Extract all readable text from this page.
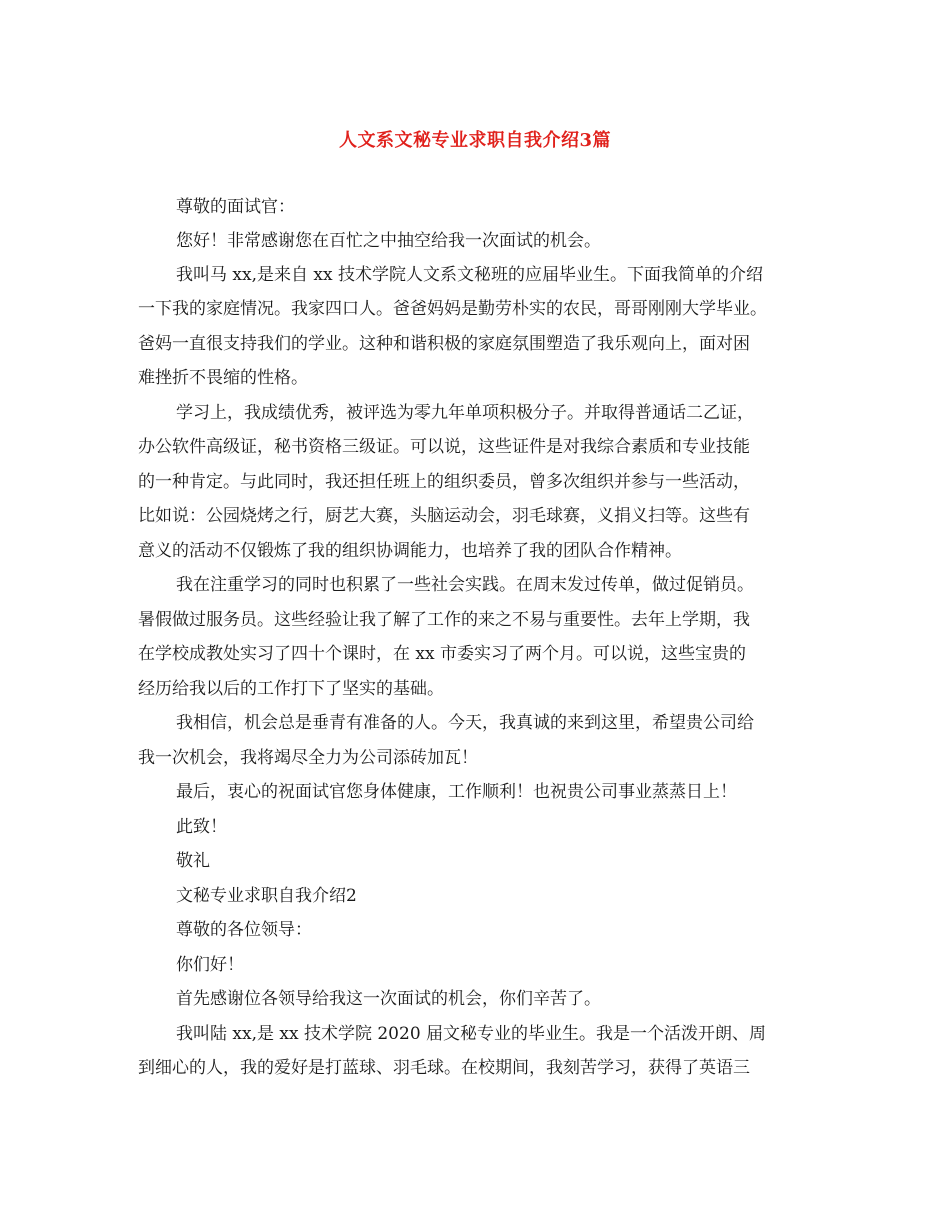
人文系文秘专业求职自我介绍3篇
尊敬的面试官：
您好！非常感谢您在百忙之中抽空给我一次面试的机会。
我叫马 xx,是来自 xx 技术学院人文系文秘班的应届毕业生。下面我简单的介绍
一下我的家庭情况。我家四口人。爸爸妈妈是勤劳朴实的农民，哥哥刚刚大学毕业。
爸妈一直很支持我们的学业。这种和谐积极的家庭氛围塑造了我乐观向上，面对困
难挫折不畏缩的性格。
学习上，我成绩优秀，被评选为零九年单项积极分子。并取得普通话二乙证，
办公软件高级证，秘书资格三级证。可以说，这些证件是对我综合素质和专业技能
的一种肯定。与此同时，我还担任班上的组织委员，曾多次组织并参与一些活动，
比如说：公园烧烤之行，厨艺大赛，头脑运动会，羽毛球赛，义捐义扫等。这些有
意义的活动不仅锻炼了我的组织协调能力，也培养了我的团队合作精神。
我在注重学习的同时也积累了一些社会实践。在周末发过传单，做过促销员。
暑假做过服务员。这些经验让我了解了工作的来之不易与重要性。去年上学期，我
在学校成教处实习了四十个课时，在 xx 市委实习了两个月。可以说，这些宝贵的
经历给我以后的工作打下了坚实的基础。
我相信，机会总是垂青有准备的人。今天，我真诚的来到这里，希望贵公司给
我一次机会，我将竭尽全力为公司添砖加瓦！
最后，衷心的祝面试官您身体健康，工作顺利！也祝贵公司事业蒸蒸日上！
此致！
敬礼
文秘专业求职自我介绍2
尊敬的各位领导：
你们好！
首先感谢位各领导给我这一次面试的机会，你们辛苦了。
我叫陆 xx,是 xx 技术学院 2020 届文秘专业的毕业生。我是一个活泼开朗、周
到细心的人，我的爱好是打蓝球、羽毛球。在校期间，我刻苦学习，获得了英语三
